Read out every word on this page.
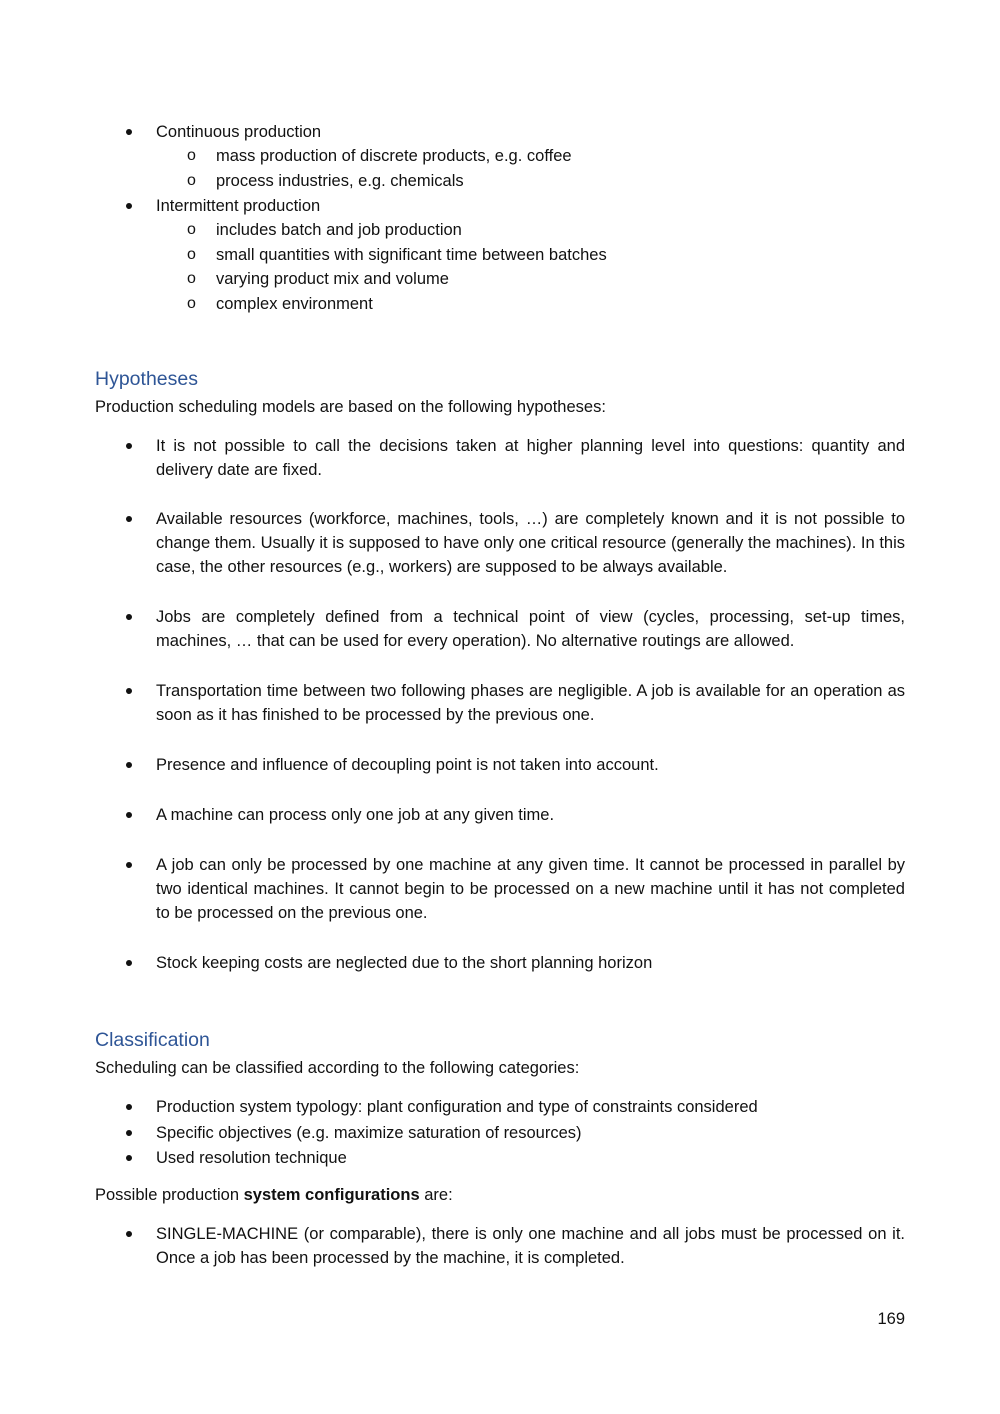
Continuous production
o mass production of discrete products, e.g. coffee
o process industries, e.g. chemicals
Intermittent production
o includes batch and job production
o small quantities with significant time between batches
o varying product mix and volume
o complex environment
Hypotheses
Production scheduling models are based on the following hypotheses:
It is not possible to call the decisions taken at higher planning level into questions: quantity and delivery date are fixed.
Available resources (workforce, machines, tools, …) are completely known and it is not possible to change them. Usually it is supposed to have only one critical resource (generally the machines). In this case, the other resources (e.g., workers) are supposed to be always available.
Jobs are completely defined from a technical point of view (cycles, processing, set-up times, machines, … that can be used for every operation). No alternative routings are allowed.
Transportation time between two following phases are negligible. A job is available for an operation as soon as it has finished to be processed by the previous one.
Presence and influence of decoupling point is not taken into account.
A machine can process only one job at any given time.
A job can only be processed by one machine at any given time. It cannot be processed in parallel by two identical machines. It cannot begin to be processed on a new machine until it has not completed to be processed on the previous one.
Stock keeping costs are neglected due to the short planning horizon
Classification
Scheduling can be classified according to the following categories:
Production system typology: plant configuration and type of constraints considered
Specific objectives (e.g. maximize saturation of resources)
Used resolution technique
Possible production system configurations are:
SINGLE-MACHINE (or comparable), there is only one machine and all jobs must be processed on it. Once a job has been processed by the machine, it is completed.
169
